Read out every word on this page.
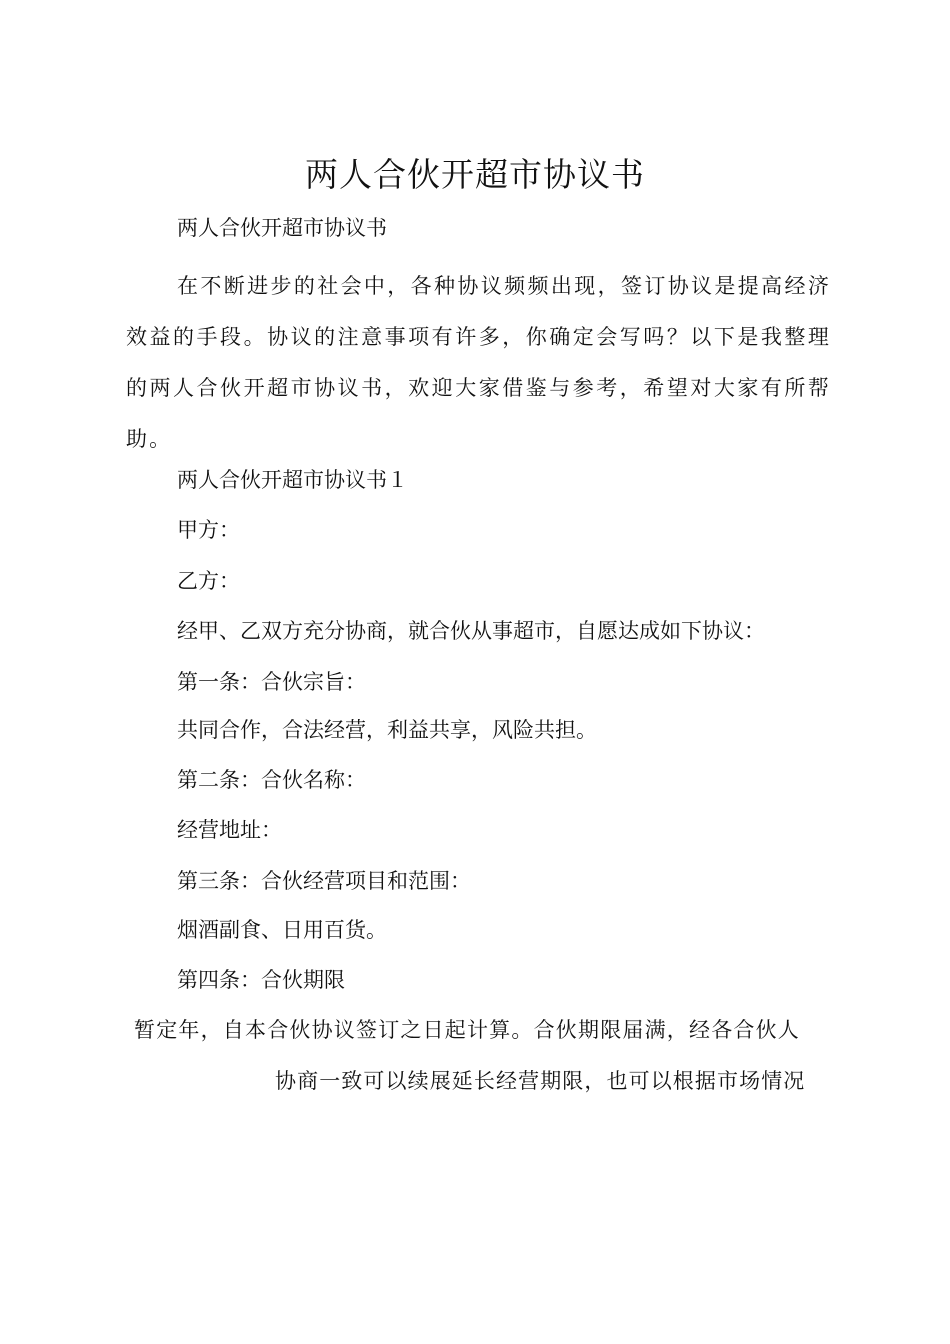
两人合伙开超市协议书
两人合伙开超市协议书
在不断进步的社会中，各种协议频频出现，签订协议是提高经济效益的手段。协议的注意事项有许多，你确定会写吗？以下是我整理的两人合伙开超市协议书，欢迎大家借鉴与参考，希望对大家有所帮助。
两人合伙开超市协议书１
甲方：
乙方：
经甲、乙双方充分协商，就合伙从事超市，自愿达成如下协议：
第一条：合伙宗旨：
共同合作，合法经营，利益共享，风险共担。
第二条：合伙名称：
经营地址：
第三条：合伙经营项目和范围：
烟酒副食、日用百货。
第四条：合伙期限
暂定年，自本合伙协议签订之日起计算。合伙期限届满，经各合伙人
协商一致可以续展延长经营期限，也可以根据市场情况
